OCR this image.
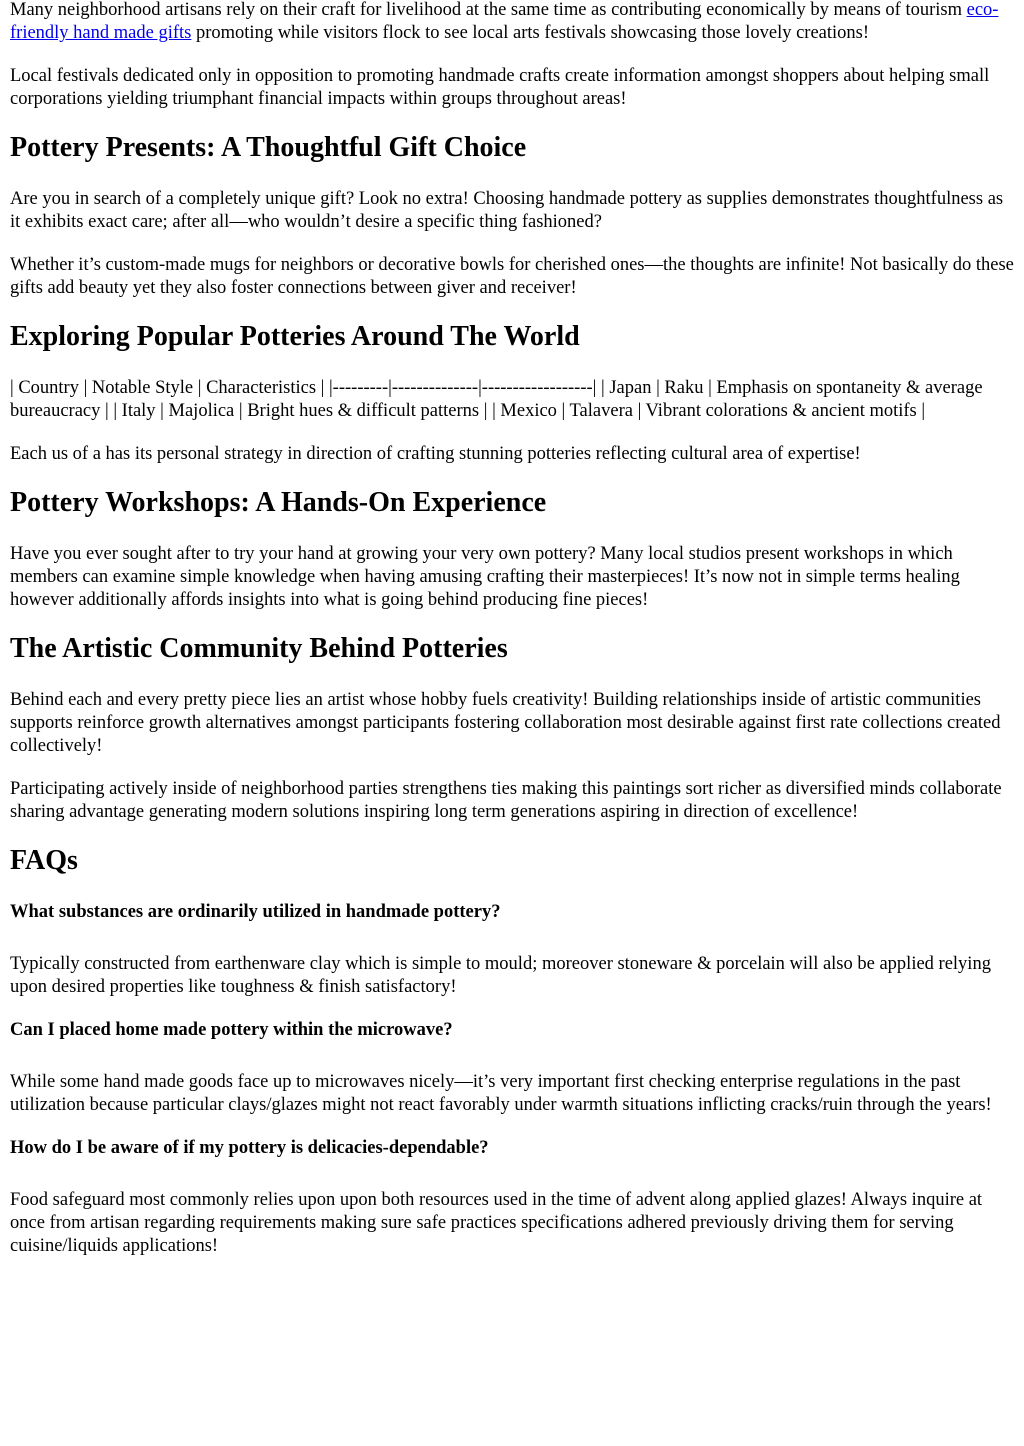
Many neighborhood artisans rely on their craft for livelihood at the same time as contributing economically by means of tourism eco-friendly hand made gifts promoting while visitors flock to see local arts festivals showcasing those lovely creations!

Local festivals dedicated only in opposition to promoting handmade crafts create information amongst shoppers about helping small corporations yielding triumphant financial impacts within groups throughout areas!

Pottery Presents: A Thoughtful Gift Choice

Are you in search of a completely unique gift? Look no extra! Choosing handmade pottery as supplies demonstrates thoughtfulness as it exhibits exact care; after all—who wouldn’t desire a specific thing fashioned?

Whether it’s custom-made mugs for neighbors or decorative bowls for cherished ones—the thoughts are infinite! Not basically do these gifts add beauty yet they also foster connections between giver and receiver!

Exploring Popular Potteries Around The World

| Country | Notable Style | Characteristics | |---------|--------------|------------------| | Japan | Raku | Emphasis on spontaneity & average bureaucracy | | Italy | Majolica | Bright hues & difficult patterns | | Mexico | Talavera | Vibrant colorations & ancient motifs |

Each us of a has its personal strategy in direction of crafting stunning potteries reflecting cultural area of expertise!

Pottery Workshops: A Hands-On Experience

Have you ever sought after to try your hand at growing your very own pottery? Many local studios present workshops in which members can examine simple knowledge when having amusing crafting their masterpieces! It’s now not in simple terms healing however additionally affords insights into what is going behind producing fine pieces!

The Artistic Community Behind Potteries

Behind each and every pretty piece lies an artist whose hobby fuels creativity! Building relationships inside of artistic communities supports reinforce growth alternatives amongst participants fostering collaboration most desirable against first rate collections created collectively!

Participating actively inside of neighborhood parties strengthens ties making this paintings sort richer as diversified minds collaborate sharing advantage generating modern solutions inspiring long term generations aspiring in direction of excellence!

FAQs
What substances are ordinarily utilized in handmade pottery?

Typically constructed from earthenware clay which is simple to mould; moreover stoneware & porcelain will also be applied relying upon desired properties like toughness & finish satisfactory!

Can I placed home made pottery within the microwave?

While some hand made goods face up to microwaves nicely—it’s very important first checking enterprise regulations in the past utilization because particular clays/glazes might not react favorably under warmth situations inflicting cracks/ruin through the years!

How do I be aware of if my pottery is delicacies-dependable?

Food safeguard most commonly relies upon upon both resources used in the time of advent along applied glazes! Always inquire at once from artisan regarding requirements making sure safe practices specifications adhered previously driving them for serving cuisine/liquids applications!
